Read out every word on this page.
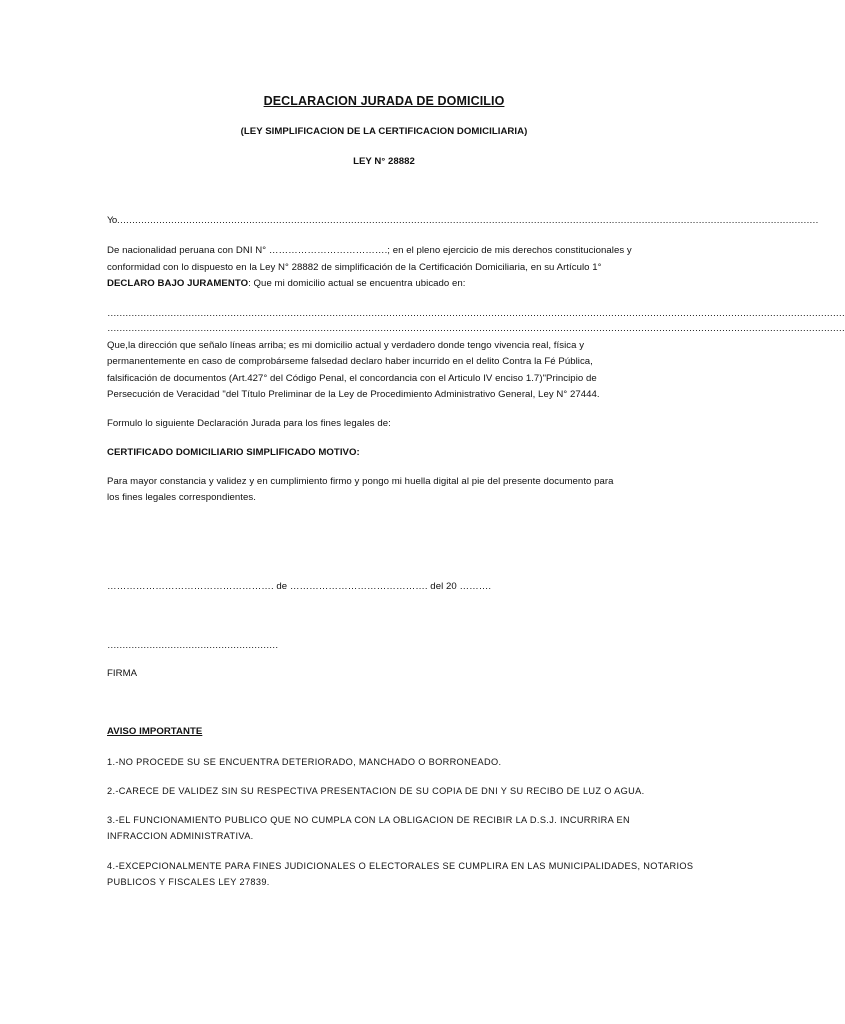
DECLARACION JURADA DE DOMICILIO
(LEY SIMPLIFICACION DE LA CERTIFICACION DOMICILIARIA)
LEY N° 28882
Yo………………………………………………………………………………………………………………………………………………………………………………………………………………
De nacionalidad peruana con DNI N° ……………………………….; en el pleno ejercicio de mis derechos constitucionales y
conformidad con lo dispuesto en la Ley N° 28882 de simplificación de la Certificación Domiciliaria, en su Artículo 1°
DECLARO BAJO JURAMENTO: Que mi domicilio actual se encuentra ubicado en:
…………………………………………………………………………………………………………………………………………………………………………………………………………………………
…………………………………………………………………………………………………………………………………………………………………………………………………………………………
Que,la dirección que señalo líneas arriba; es mi domicilio actual y verdadero donde tengo vivencia real, física y
permanentemente en caso de comprobárseme falsedad declaro haber incurrido en el delito Contra la Fé Pública,
falsificación de documentos (Art.427° del Código Penal, el concordancia con el Articulo IV enciso 1.7)"Principio de
Persecución de Veracidad "del Título Preliminar de la Ley de Procedimiento Administrativo General, Ley N° 27444.
Formulo lo siguiente Declaración Jurada para los fines legales de:
CERTIFICADO DOMICILIARIO SIMPLIFICADO MOTIVO:
Para mayor constancia y validez y en cumplimiento firmo y pongo mi huella digital al pie del presente documento para
los fines legales correspondientes.
……………………………………………. de ……………………………………. del 20 ……….
…………………………………………………
FIRMA
AVISO IMPORTANTE
1.-NO PROCEDE SU SE ENCUENTRA DETERIORADO, MANCHADO O BORRONEADO.
2.-CARECE DE VALIDEZ SIN SU RESPECTIVA PRESENTACION DE SU COPIA DE DNI Y SU RECIBO DE LUZ O AGUA.
3.-EL FUNCIONAMIENTO PUBLICO QUE NO CUMPLA CON LA OBLIGACION DE RECIBIR LA D.S.J. INCURRIRA EN
INFRACCION ADMINISTRATIVA.
4.-EXCEPCIONALMENTE PARA FINES JUDICIONALES O ELECTORALES SE CUMPLIRA EN LAS MUNICIPALIDADES, NOTARIOS
PUBLICOS Y FISCALES LEY 27839.
